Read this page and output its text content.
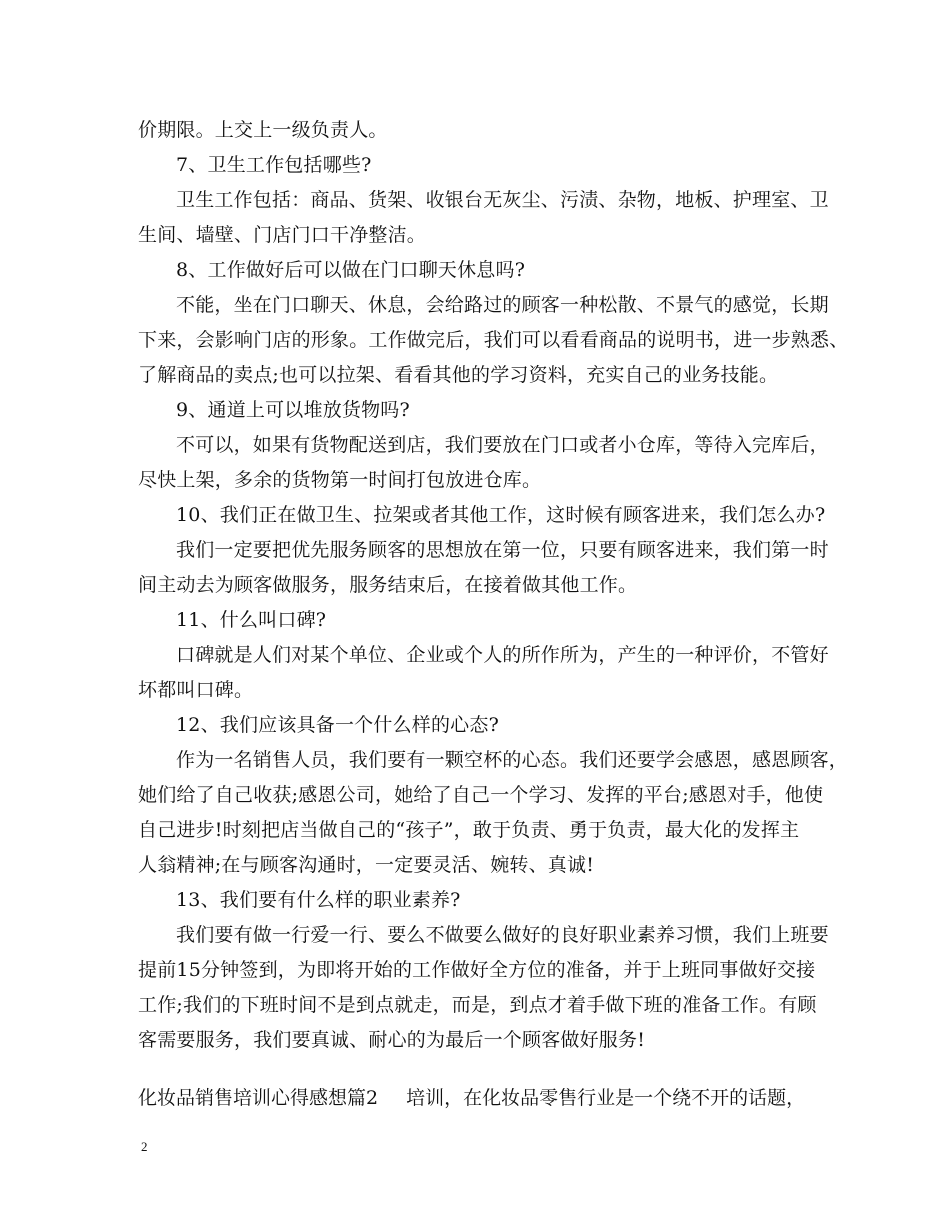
价期限。上交上一级负责人。
7、卫生工作包括哪些?
卫生工作包括：商品、货架、收银台无灰尘、污渍、杂物，地板、护理室、卫
生间、墙壁、门店门口干净整洁。
8、工作做好后可以做在门口聊天休息吗?
不能，坐在门口聊天、休息，会给路过的顾客一种松散、不景气的感觉，长期
下来，会影响门店的形象。工作做完后，我们可以看看商品的说明书，进一步熟悉、
了解商品的卖点;也可以拉架、看看其他的学习资料，充实自己的业务技能。
9、通道上可以堆放货物吗?
不可以，如果有货物配送到店，我们要放在门口或者小仓库，等待入完库后，
尽快上架，多余的货物第一时间打包放进仓库。
10、我们正在做卫生、拉架或者其他工作，这时候有顾客进来，我们怎么办?
我们一定要把优先服务顾客的思想放在第一位，只要有顾客进来，我们第一时
间主动去为顾客做服务，服务结束后，在接着做其他工作。
11、什么叫口碑?
口碑就是人们对某个单位、企业或个人的所作所为，产生的一种评价，不管好
坏都叫口碑。
12、我们应该具备一个什么样的心态?
作为一名销售人员，我们要有一颗空杯的心态。我们还要学会感恩，感恩顾客，
她们给了自己收获;感恩公司，她给了自己一个学习、发挥的平台;感恩对手，他使
自己进步!时刻把店当做自己的“孩子”，敢于负责、勇于负责，最大化的发挥主
人翁精神;在与顾客沟通时，一定要灵活、婉转、真诚!
13、我们要有什么样的职业素养?
我们要有做一行爱一行、要么不做要么做好的良好职业素养习惯，我们上班要
提前15分钟签到，为即将开始的工作做好全方位的准备，并于上班同事做好交接
工作;我们的下班时间不是到点就走，而是，到点才着手做下班的准备工作。有顾
客需要服务，我们要真诚、耐心的为最后一个顾客做好服务!
化妆品销售培训心得感想篇2 培训，在化妆品零售行业是一个绕不开的话题，
2
